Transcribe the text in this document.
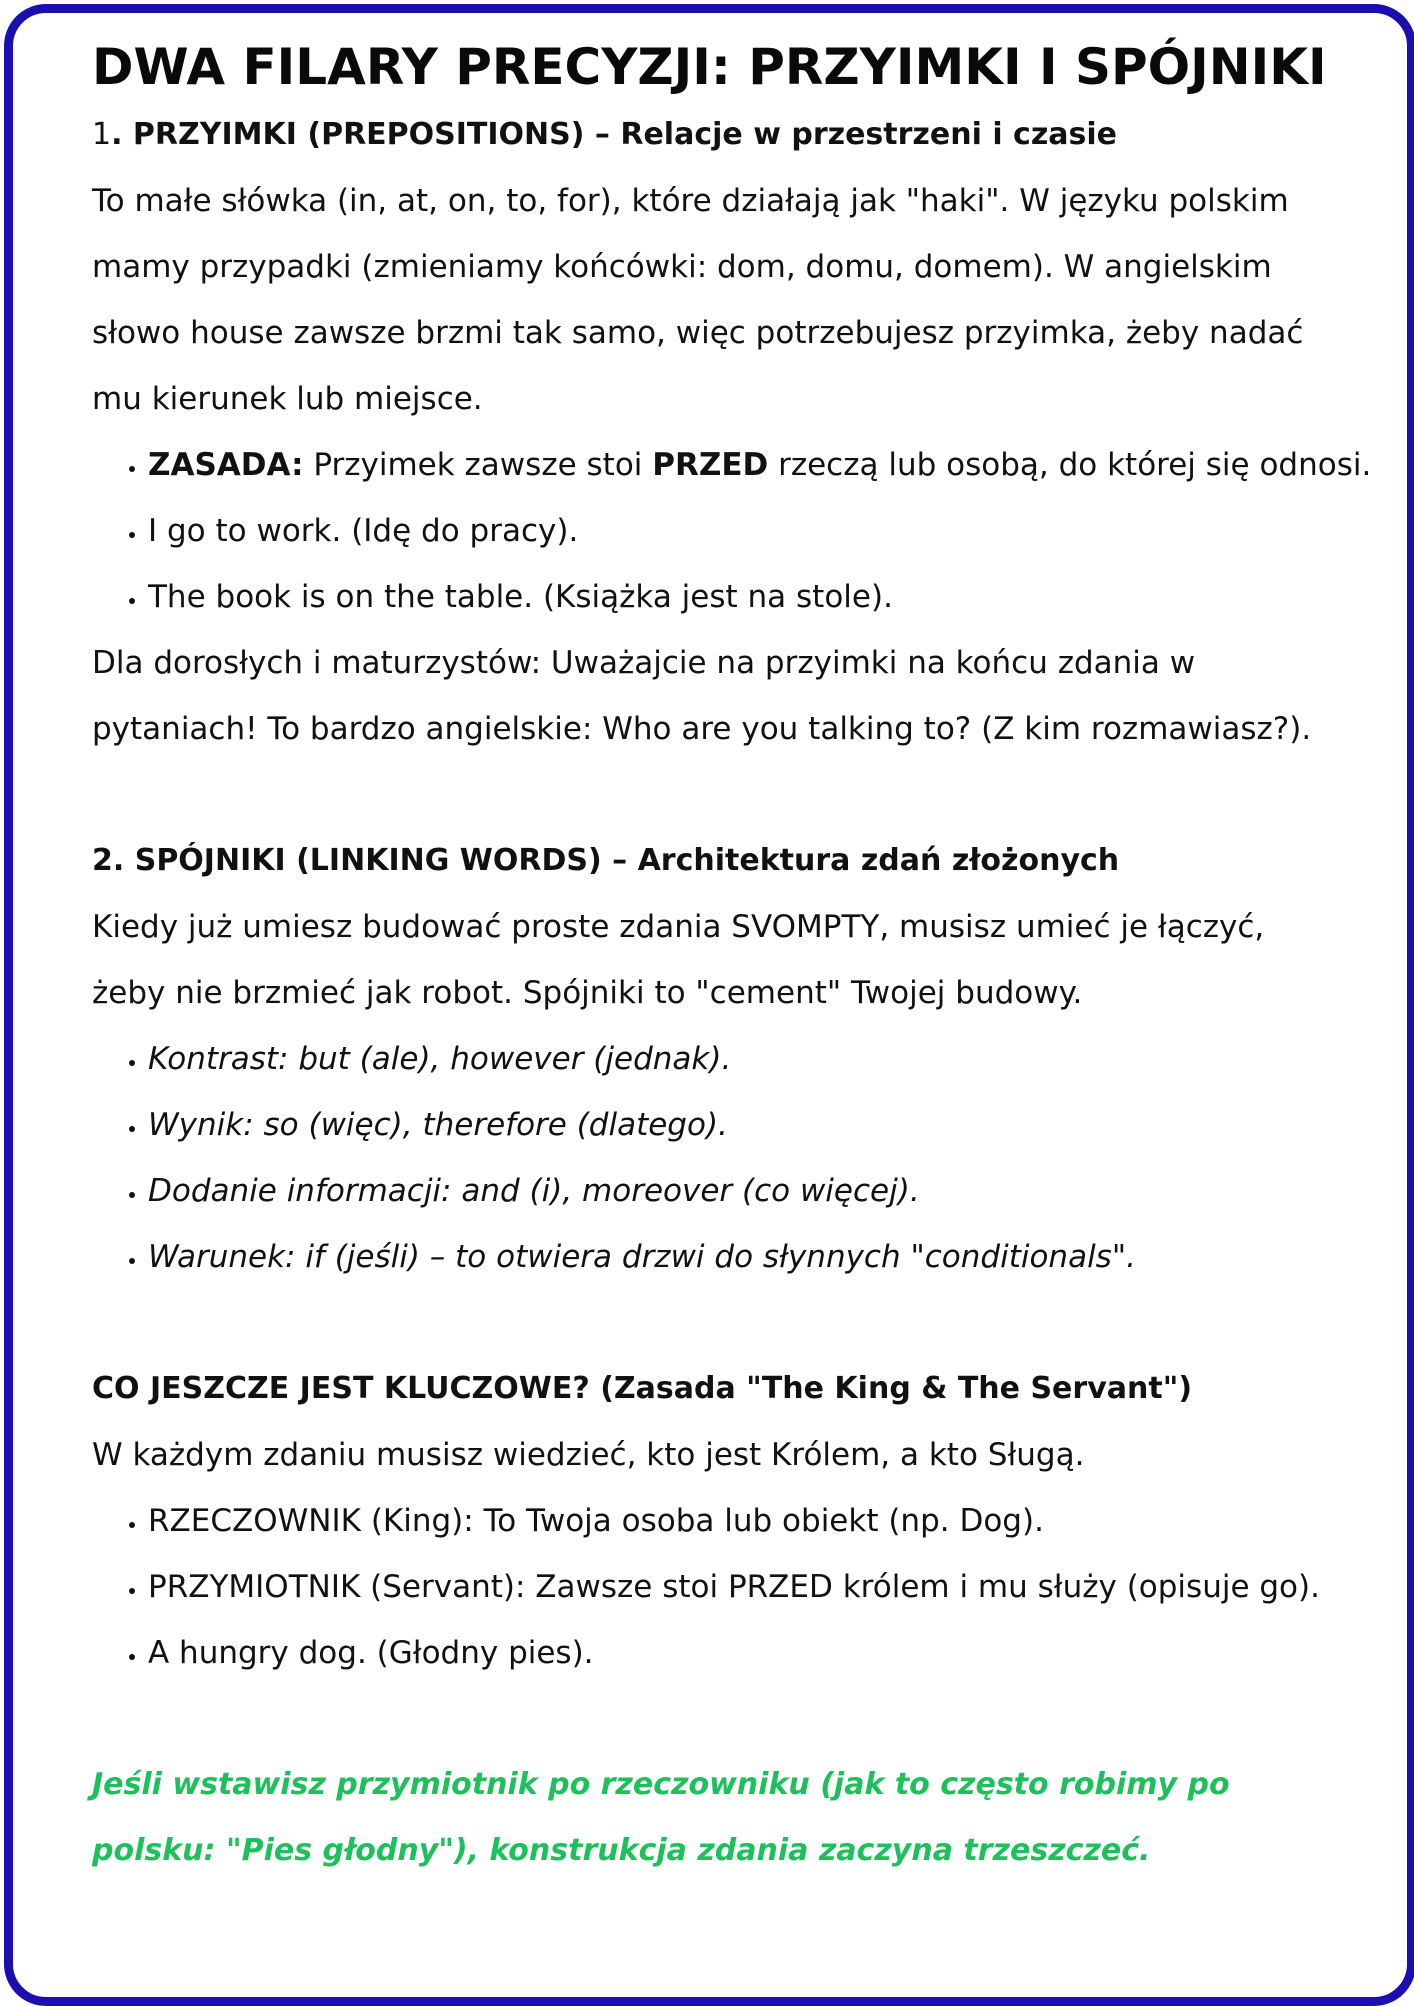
DWA FILARY PRECYZJI: PRZYIMKI I SPÓJNIKI
1. PRZYIMKI (PREPOSITIONS) – Relacje w przestrzeni i czasie

To małe słówka (in, at, on, to, for), które działają jak "haki". W języku polskim mamy przypadki (zmieniamy końcówki: dom, domu, domem). W angielskim słowo house zawsze brzmi tak samo, więc potrzebujesz przyimka, żeby nadać mu kierunek lub miejsce.

• ZASADA: Przyimek zawsze stoi PRZED rzeczą lub osobą, do której się odnosi.
• I go to work. (Idę do pracy).
• The book is on the table. (Książka jest na stole).

Dla dorosłych i maturzystów: Uważajcie na przyimki na końcu zdania w pytaniach! To bardzo angielskie: Who are you talking to? (Z kim rozmawiasz?).

2. SPÓJNIKI (LINKING WORDS) – Architektura zdań złożonych

Kiedy już umiesz budować proste zdania SVOMPTY, musisz umieć je łączyć, żeby nie brzmieć jak robot. Spójniki to "cement" Twojej budowy.

• Kontrast: but (ale), however (jednak).
• Wynik: so (więc), therefore (dlatego).
• Dodanie informacji: and (i), moreover (co więcej).
• Warunek: if (jeśli) – to otwiera drzwi do słynnych "conditionals".
CO JESZCZE JEST KLUCZOWE? (Zasada "The King & The Servant")

W każdym zdaniu musisz wiedzieć, kto jest Królem, a kto Sługą.

• RZECZOWNIK (King): To Twoja osoba lub obiekt (np. Dog).
• PRZYMIOTNIK (Servant): Zawsze stoi PRZED królem i mu służy (opisuje go).
• A hungry dog. (Głodny pies).

Jeśli wstawisz przymiotnik po rzeczowniku (jak to często robimy po polsku: "Pies głodny"), konstrukcja zdania zaczyna trzeszczeć.
